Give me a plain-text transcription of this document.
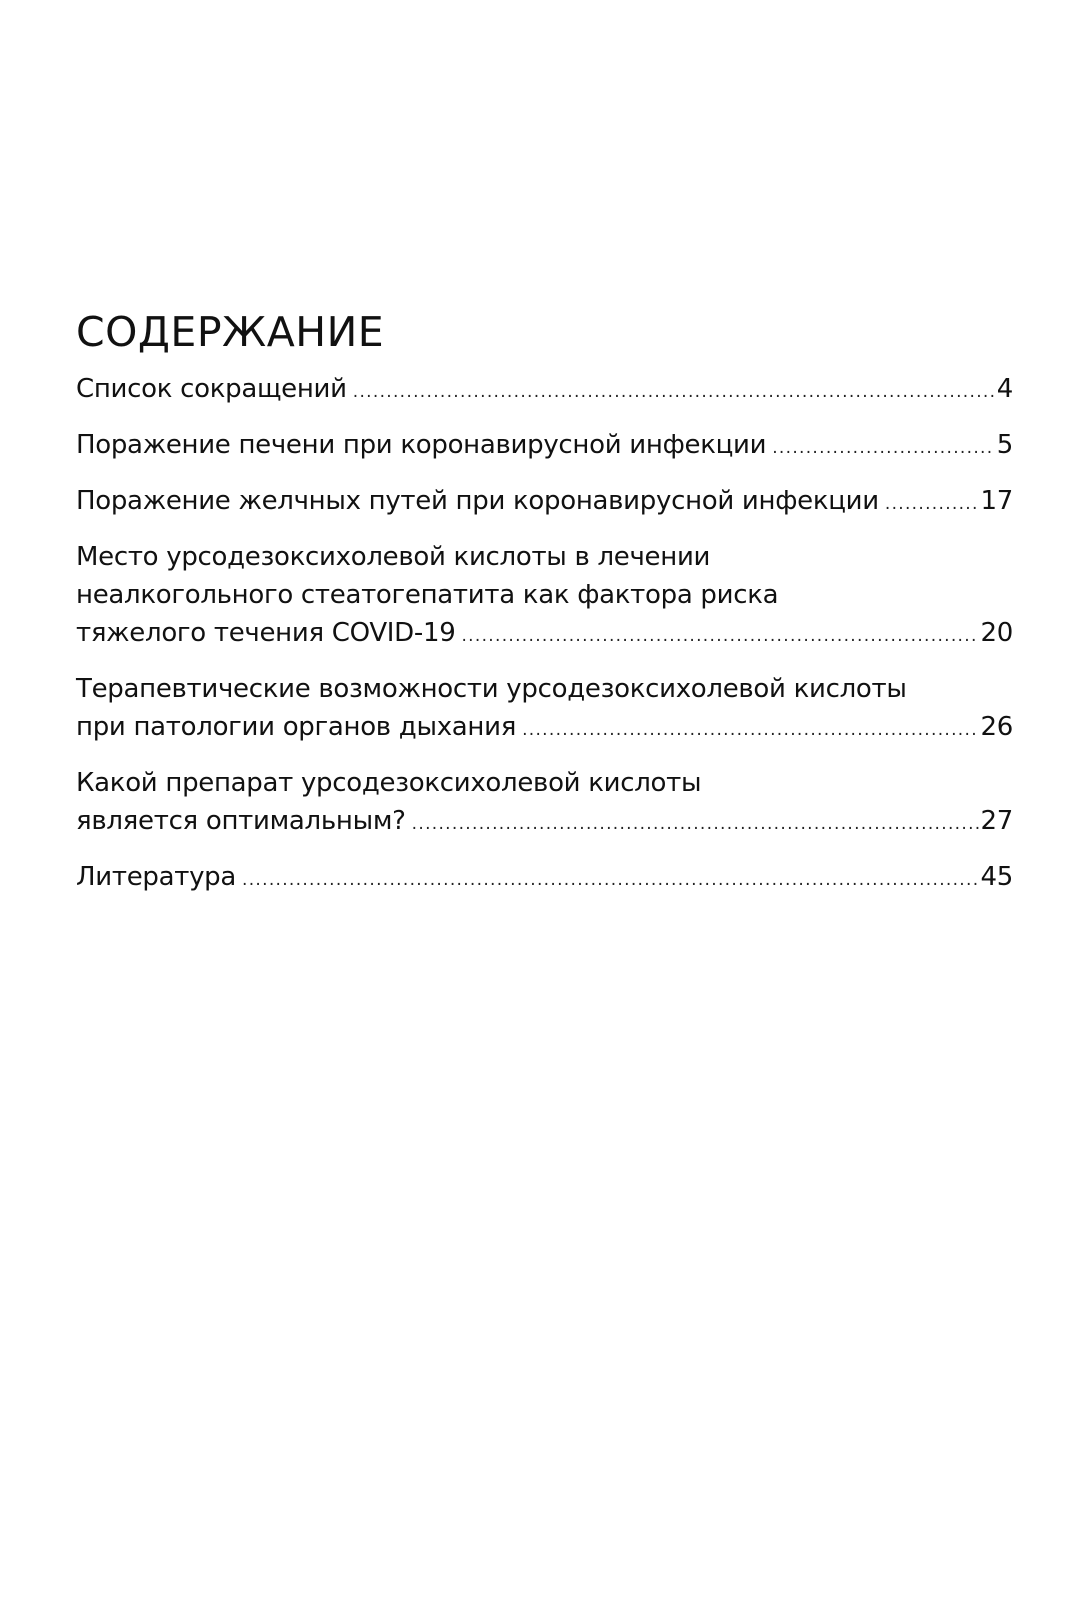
СОДЕРЖАНИЕ
Список сокращений .....	4
Поражение печени при коронавирусной инфекции .....	5
Поражение желчных путей при коронавирусной инфекции .....	17
Место урсодезоксихолевой кислоты в лечении
неалкогольного стеатогепатита как фактора риска
тяжелого течения COVID-19 .....	20
Терапевтические возможности урсодезоксихолевой кислоты
при патологии органов дыхания .....	26
Какой препарат урсодезоксихолевой кислоты
является оптимальным? .....	27
Литература .....	45
